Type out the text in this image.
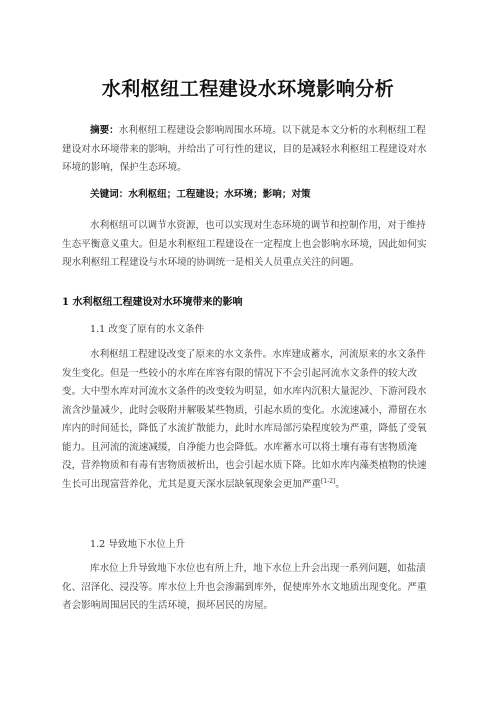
水利枢纽工程建设水环境影响分析

摘要：水利枢纽工程建设会影响周围水环境。以下就是本文分析的水利枢纽工程建设对水环境带来的影响，并给出了可行性的建议，目的是减轻水利枢纽工程建设对水环境的影响，保护生态环境。

关键词：水利枢纽；工程建设；水环境；影响；对策

水利枢纽可以调节水资源，也可以实现对生态环境的调节和控制作用，对于维持生态平衡意义重大。但是水利枢纽工程建设在一定程度上也会影响水环境，因此如何实现水利枢纽工程建设与水环境的协调统一是相关人员重点关注的问题。

1 水利枢纽工程建设对水环境带来的影响
1.1 改变了原有的水文条件

水利枢纽工程建设改变了原来的水文条件。水库建成蓄水，河流原来的水文条件发生变化。但是一些较小的水库在库容有限的情况下不会引起河流水文条件的较大改变。大中型水库对河流水文条件的改变较为明显，如水库内沉积大量泥沙、下游河段水流含沙量减少，此时会吸附并解吸某些物质，引起水质的变化。水流速减小，滞留在水库内的时间延长，降低了水流扩散能力，此时水库局部污染程度较为严重，降低了受氧能力。且河流的流速减缓，自净能力也会降低。水库蓄水可以将土壤有毒有害物质淹没，营养物质和有毒有害物质被析出，也会引起水质下降。比如水库内藻类植物的快速生长可出现富营养化，尤其是夏天深水层缺氧现象会更加严重[1-2]。

1.2 导致地下水位上升

库水位上升导致地下水位也有所上升，地下水位上升会出现一系列问题，如盐渍化、沼泽化、浸没等。库水位上升也会渗漏到库外，促使库外水文地质出现变化。严重者会影响周围居民的生活环境，损坏居民的房屋。
